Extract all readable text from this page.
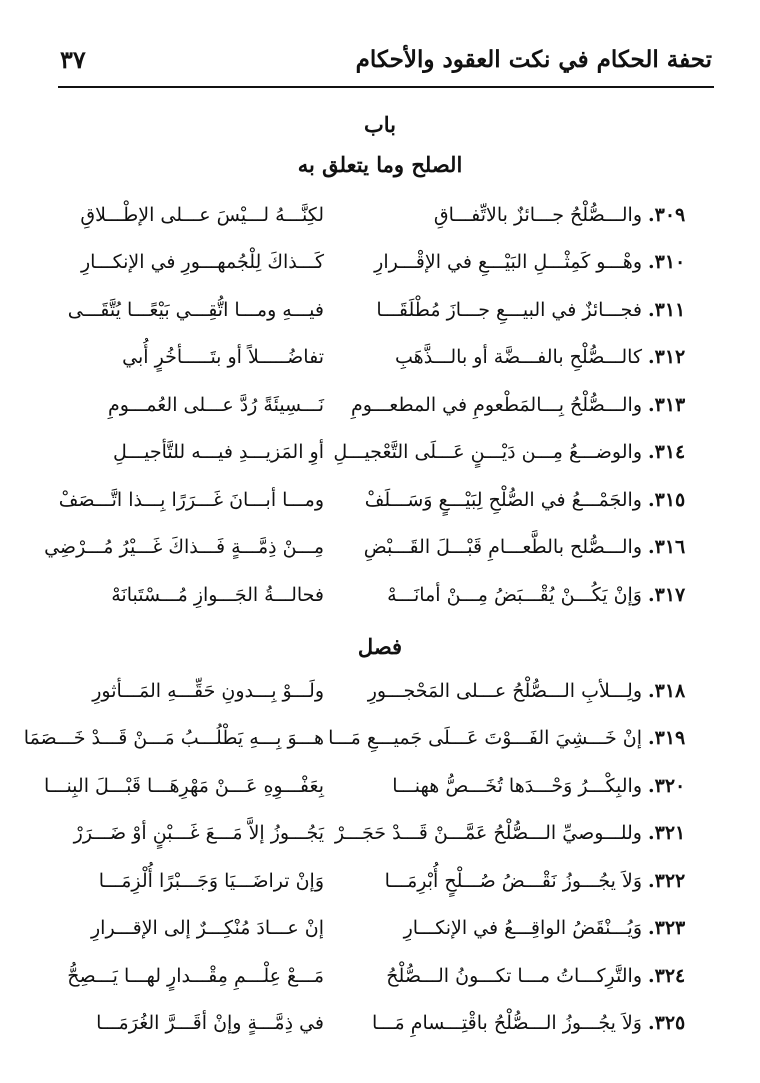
تحفة الحكام في نكت العقود والأحكام
٣٧
باب
الصلح وما يتعلق به
٣٠٩.
والـــصُّلْحُ جـــائزٌ بالاتِّفـــاقِ
لكِنَّـــهُ لـــيْسَ عـــلى الإطْـــلاقِ
٣١٠.
وهْـــو كَمِثْـــلِ البَيْـــعِ في الإقْـــرارِ
كَـــذاكَ لِلْجُمهـــورِ في الإنكـــارِ
٣١١.
فجـــائزٌ في البيـــعِ جـــازَ مُطْلَقَـــا
فيـــهِ ومـــا اتُّقِـــي بَيْعًـــا يُتَّقَـــى
٣١٢.
كالـــصُّلْحِ بالفـــضَّة أو بالـــذَّهَبِ
تفاضُـــــلاً أو بتَـــــأخُرٍ أُبي
٣١٣.
والـــصُّلْحُ بِـــالمَطْعومِ في المطعـــومِ
نَـــسِيئَةً رُدَّ عـــلى العُمـــومِ
٣١٤.
والوضـــعُ مِـــن دَيْـــنٍ عَـــلَى التَّعْجيـــلِ
أوِ المَزيـــدِ فيـــه للتَّأجيـــلِ
٣١٥.
والجَمْـــعُ في الصُّلْحِ لِبَيْـــعٍ وَسَـــلَفْ
ومـــا أبـــانَ غَـــرَرًا بِـــذا اتَّـــصَفْ
٣١٦.
والـــصُّلح بالطَّعـــامِ قَبْـــلَ القَـــبْضِ
مِـــنْ ذِمَّـــةٍ فَـــذاكَ غَـــيْرُ مُـــرْضِي
٣١٧.
وَإنْ يَكُـــنْ يُقْـــبَضُ مِـــنْ أمانَـــهْ
فحالـــةُ الجَـــوازِ مُـــسْتَبانَهْ
فصل
٣١٨.
ولِـــلأبِ الـــصُّلْحُ عـــلى المَحْجـــورِ
ولَـــوْ بِـــدونِ حَقِّـــهِ المَـــأثورِ
٣١٩.
إنْ خَـــشِيَ الفَـــوْتَ عَـــلَى جَميـــعِ مَـــا
هـــوَ بِـــهِ يَطْلُـــبُ مَـــنْ قَـــدْ خَـــصَمَا
٣٢٠.
والبِكْـــرُ وَحْـــدَها تُخَـــصُّ ههنـــا
بِعَفْـــوِهِ عَـــنْ مَهْرِهَـــا قَبْـــلَ البِنـــا
٣٢١.
وللـــوصيِّ الـــصُّلْحُ عَمَّـــنْ قَـــدْ حَجَـــرْ
يَجُـــوزُ إلاَّ مَـــعَ غَـــبْنٍ أوْ ضَـــرَرْ
٣٢٢.
وَلاَ يجُـــوزُ نَقْـــضُ صُـــلْحٍ أُبْرِمَـــا
وَإنْ تراضَـــيَا وَجَـــبْرًا أُلْزِمَـــا
٣٢٣.
وَيُـــنْقَضُ الواقِـــعُ في الإنكـــارِ
إنْ عـــادَ مُنْكِـــرٌ إلى الإقـــرارِ
٣٢٤.
والتَّرِكـــاتُ مـــا تكـــونُ الـــصُّلْحُ
مَـــعْ عِلْـــمِ مِقْـــدارٍ لهـــا يَـــصِحُّ
٣٢٥.
وَلاَ يجُـــوزُ الـــصُّلْحُ باقْتِـــسامِ مَـــا
في ذِمَّـــةٍ وإنْ أقَـــرَّ الغُرَمَـــا
